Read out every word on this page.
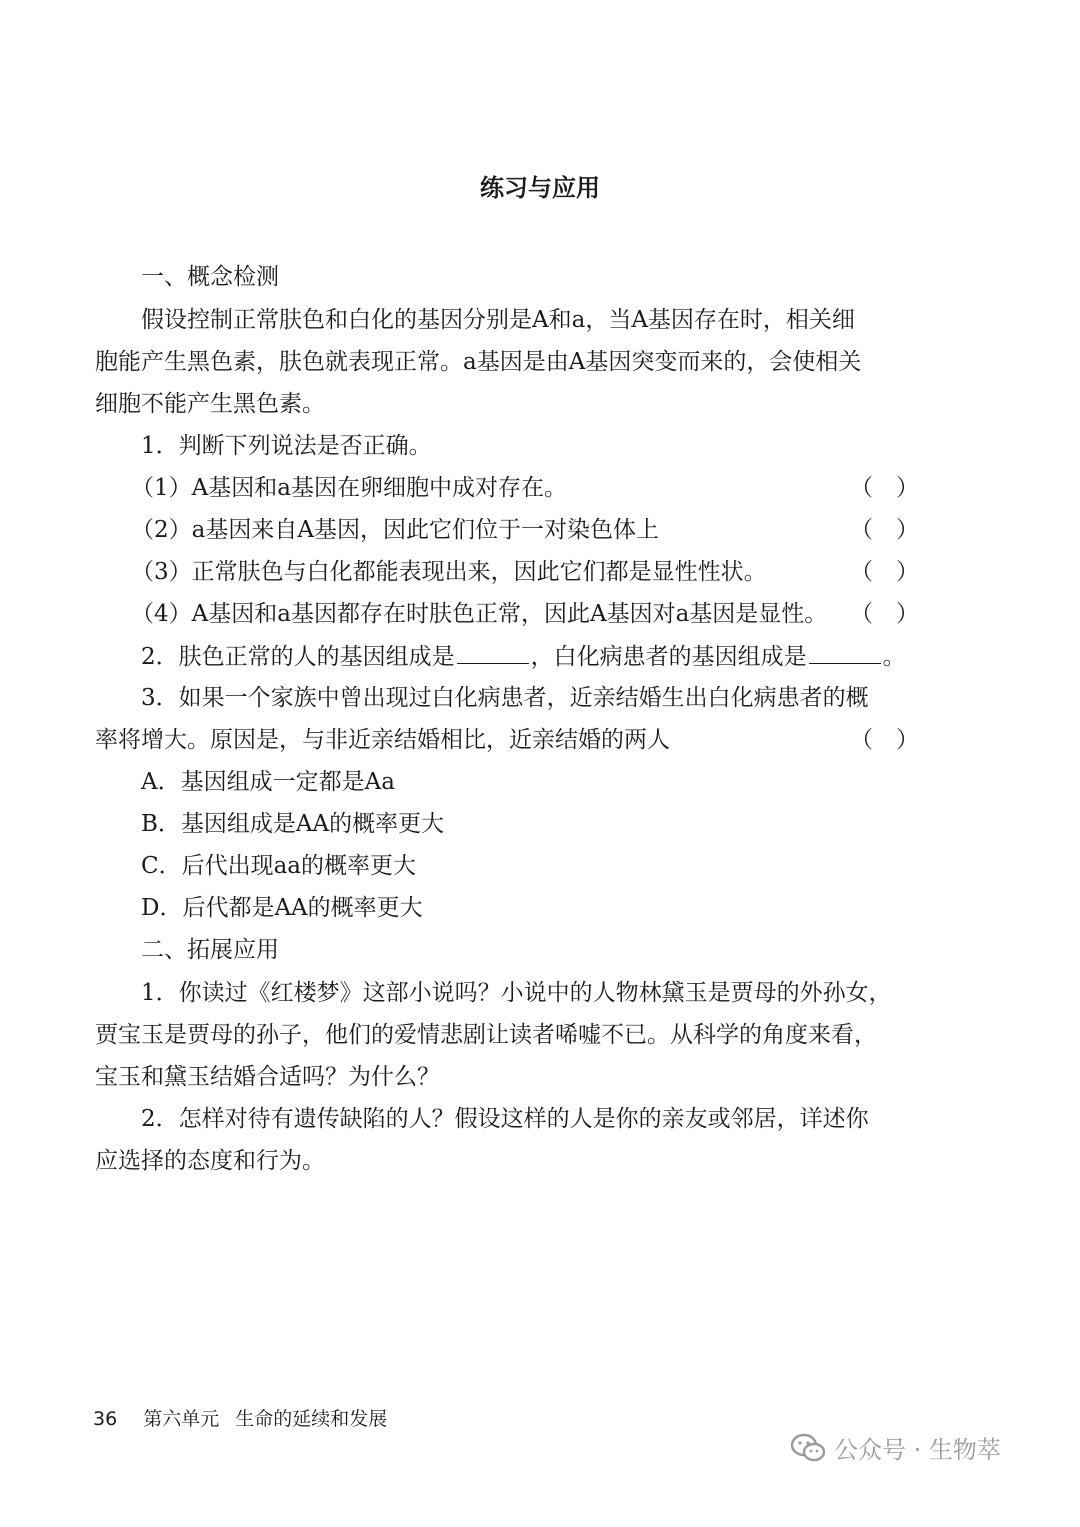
练习与应用
一、概念检测
假设控制正常肤色和白化的基因分别是A和a，当A基因存在时，相关细
胞能产生黑色素，肤色就表现正常。a基因是由A基因突变而来的，会使相关
细胞不能产生黑色素。
1．判断下列说法是否正确。
（1）A基因和a基因在卵细胞中成对存在。	（　）
（2）a基因来自A基因，因此它们位于一对染色体上	（　）
（3）正常肤色与白化都能表现出来，因此它们都是显性性状。	（　）
（4）A基因和a基因都存在时肤色正常，因此A基因对a基因是显性。 （　）
2．肤色正常的人的基因组成是	，白化病患者的基因组成是	。
3．如果一个家族中曾出现过白化病患者，近亲结婚生出白化病患者的概
率将增大。原因是，与非近亲结婚相比，近亲结婚的两人	（　）
A．基因组成一定都是Aa
B．基因组成是AA的概率更大
C．后代出现aa的概率更大
D．后代都是AA的概率更大
二、拓展应用
1．你读过《红楼梦》这部小说吗？小说中的人物林黛玉是贾母的外孙女，
贾宝玉是贾母的孙子，他们的爱情悲剧让读者唏嘘不已。从科学的角度来看，
宝玉和黛玉结婚合适吗？为什么？
2．怎样对待有遗传缺陷的人？假设这样的人是你的亲友或邻居，详述你
应选择的态度和行为。
36 第六单元 生命的延续和发展
公众号 · 生物萃
